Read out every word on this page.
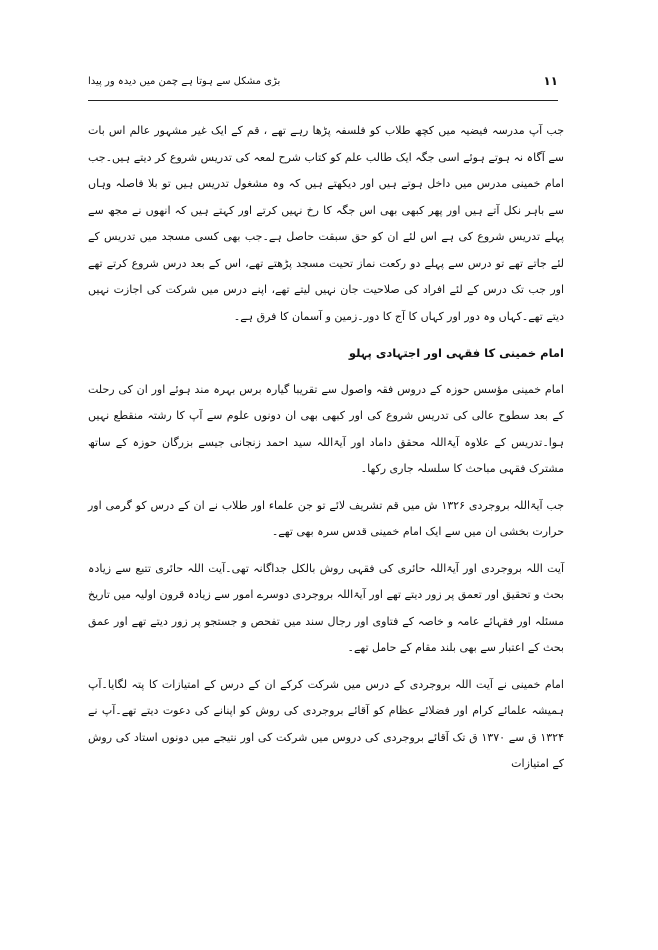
بڑی مشکل سے ہوتا ہے چمن میں دیدہ ور پیدا	۱۱

جب آپ مدرسہ فیضیہ میں کچھ طلاب کو فلسفہ پڑھا رہے تھے ، قم کے ایک غیر مشہور عالم اس بات سے آگاہ نہ ہوتے ہوئے اسی جگہ ایک طالب علم کو کتاب شرح لمعہ کی تدریس شروع کر دیتے ہیں۔جب امام خمینی مدرس میں داخل ہوتے ہیں اور دیکھتے ہیں کہ وہ مشغول تدریس ہیں تو بلا فاصلہ وہاں سے باہر نکل آتے ہیں اور پھر کبھی بھی اس جگہ کا رخ نہیں کرتے اور کہتے ہیں کہ انھوں نے مجھ سے پہلے تدریس شروع کی ہے اس لئے ان کو حق سبقت حاصل ہے۔جب بھی کسی مسجد میں تدریس کے لئے جاتے تھے تو درس سے پہلے دو رکعت نماز تحیت مسجد پڑھتے تھے، اس کے بعد درس شروع کرتے تھے اور جب تک درس کے لئے افراد کی صلاحیت جان نہیں لیتے تھے، اپنے درس میں شرکت کی اجازت نہیں دیتے تھے۔کہاں وہ دور اور کہاں کا آج کا دور۔زمین و آسمان کا فرق ہے۔

امام خمینی کا فقہی اور اجتہادی پہلو

امام خمینی مؤسس حوزہ کے دروس فقہ واصول سے تقریبا گیارہ برس بہرہ مند ہوئے اور ان کی رحلت کے بعد سطوح عالی کی تدریس شروع کی اور کبھی بھی ان دونوں علوم سے آپ کا رشتہ منقطع نہیں ہوا۔تدریس کے علاوہ آیۃاللہ محقق داماد اور آیۃاللہ سید احمد زنجانی جیسے بزرگان حوزہ کے ساتھ مشترک فقہی مباحث کا سلسلہ جاری رکھا۔

جب آیۃاللہ بروجردی ۱۳۲۶ ش میں قم تشریف لائے تو جن علماء اور طلاب نے ان کے درس کو گرمی اور حرارت بخشی ان میں سے ایک امام خمینی قدس سرہ بھی تھے۔

آیت اللہ بروجردی اور آیۃاللہ حائری کی فقہی روش بالکل جداگانہ تھی۔آیت اللہ حائری تتبع سے زیادہ بحث و تحقیق اور تعمق پر زور دیتے تھے اور آیۃاللہ بروجردی دوسرے امور سے زیادہ قرون اولیہ میں تاریخ مسئلہ اور فقہائے عامہ و خاصہ کے فتاوی اور رجال سند میں تفحص و جستجو پر زور دیتے تھے اور عمق بحث کے اعتبار سے بھی بلند مقام کے حامل تھے۔

امام خمینی نے آیت اللہ بروجردی کے درس میں شرکت کرکے ان کے درس کے امتیازات کا پتہ لگایا۔آپ ہمیشہ علمائے کرام اور فضلائے عظام کو آقائے بروجردی کی روش کو اپنانے کی دعوت دیتے تھے۔آپ نے ۱۳۲۴ ق سے ۱۳۷۰ ق تک آقائے بروجردی کی دروس میں شرکت کی اور نتیجے میں دونوں استاد کی روش کے امتیازات
